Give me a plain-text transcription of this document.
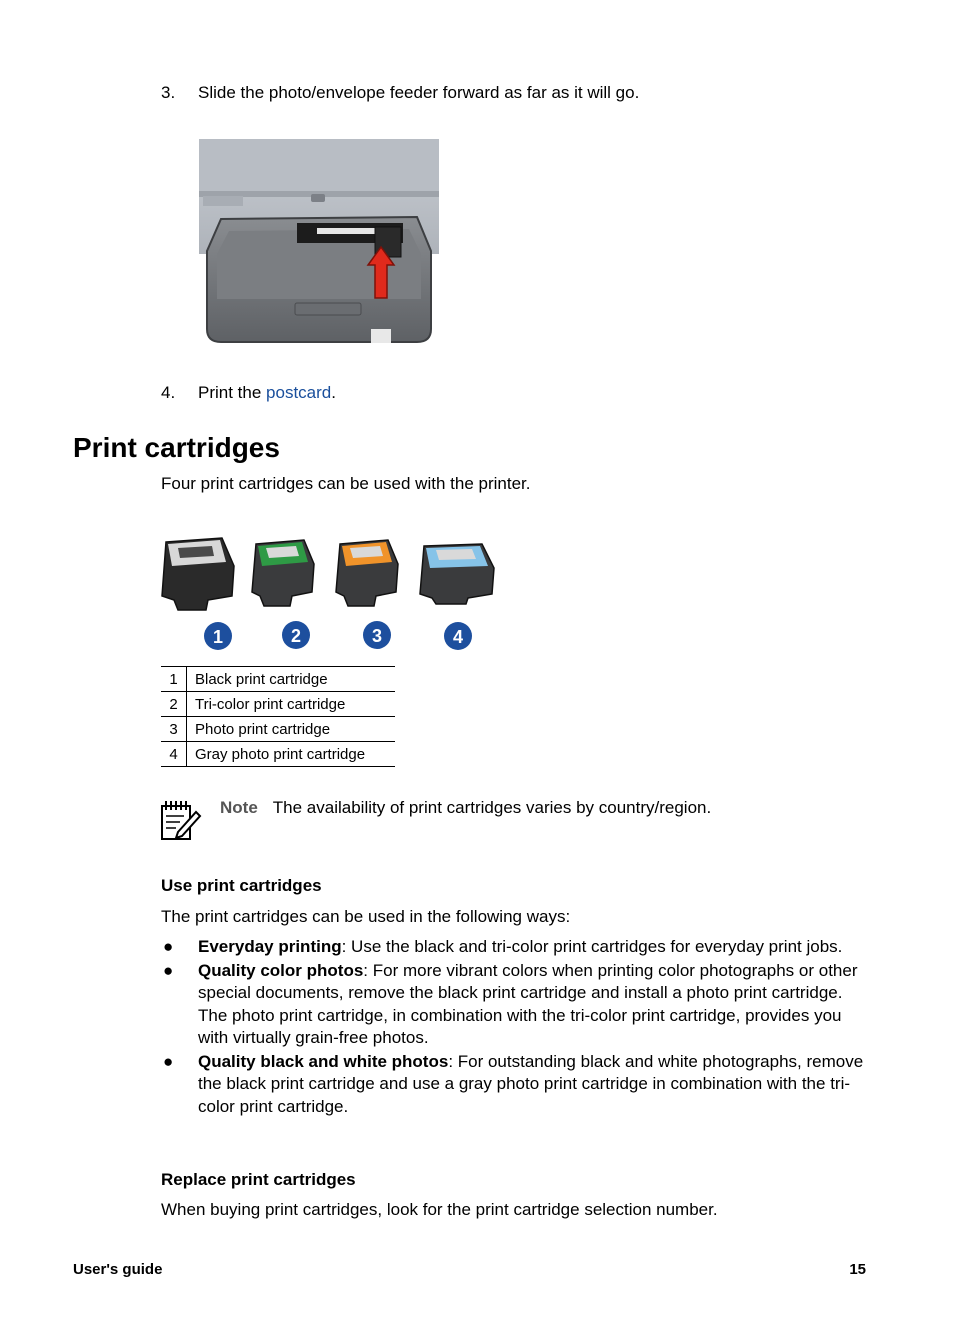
3. Slide the photo/envelope feeder forward as far as it will go.
4. Print the postcard.
Print cartridges
Four print cartridges can be used with the printer.
1	2	3	4
1	Black print cartridge
2	Tri-color print cartridge
3	Photo print cartridge
4	Gray photo print cartridge
Note The availability of print cartridges varies by country/region.
Use print cartridges
The print cartridges can be used in the following ways:
● Everyday printing: Use the black and tri-color print cartridges for everyday print jobs.
● Quality color photos: For more vibrant colors when printing color photographs or other special documents, remove the black print cartridge and install a photo print cartridge. The photo print cartridge, in combination with the tri-color print cartridge, provides you with virtually grain-free photos.
● Quality black and white photos: For outstanding black and white photographs, remove the black print cartridge and use a gray photo print cartridge in combination with the tri-color print cartridge.
Replace print cartridges
When buying print cartridges, look for the print cartridge selection number.
User's guide	15
